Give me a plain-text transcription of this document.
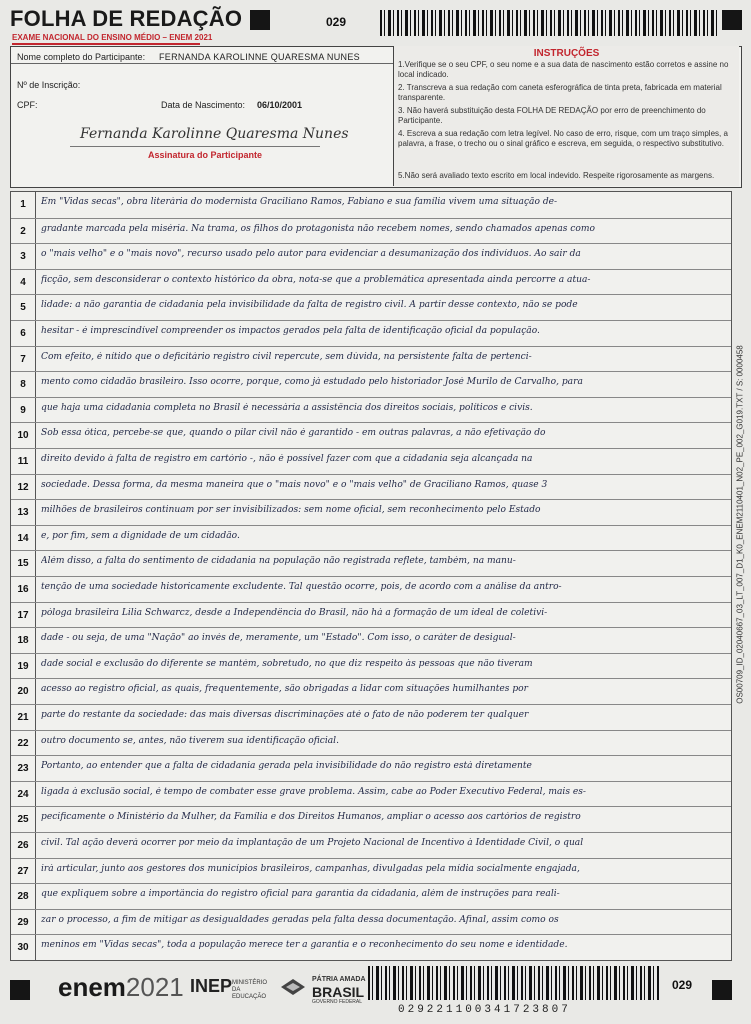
FOLHA DE REDAÇÃO
EXAME NACIONAL DO ENSINO MÉDIO – ENEM 2021
029
Nome completo do Participante: FERNANDA KAROLINNE QUARESMA NUNES
Nº de Inscrição:
CPF:	Data de Nascimento: 06/10/2001
Fernanda Karolinne Quaresma Nunes
Assinatura do Participante
INSTRUÇÕES
1.Verifique se o seu CPF, o seu nome e a sua data de nascimento estão corretos e assine no local indicado.
2. Transcreva a sua redação com caneta esferográfica de tinta preta, fabricada em material transparente.
3. Não haverá substituição desta FOLHA DE REDAÇÃO por erro de preenchimento do Participante.
4. Escreva a sua redação com letra legível. No caso de erro, risque, com um traço simples, a palavra, a frase, o trecho ou o sinal gráfico e escreva, em seguida, o respectivo substitutivo.
5.Não será avaliado texto escrito em local indevido. Respeite rigorosamente as margens.
1	Em "Vidas secas", obra literária do modernista Graciliano Ramos, Fabiano e sua família vivem uma situação de-
2	gradante marcada pela miséria. Na trama, os filhos do protagonista não recebem nomes, sendo chamados apenas como
3	o "mais velho" e o "mais novo", recurso usado pelo autor para evidenciar a desumanização dos indivíduos. Ao sair da
4	ficção, sem desconsiderar o contexto histórico da obra, nota-se que a problemática apresentada ainda percorre a atua-
5	lidade: a não garantia de cidadania pela invisibilidade da falta de registro civil. A partir desse contexto, não se pode
6	hesitar - é imprescindível compreender os impactos gerados pela falta de identificação oficial da população.
7	Com efeito, é nítido que o deficitário registro civil repercute, sem dúvida, na persistente falta de pertenci-
8	mento como cidadão brasileiro. Isso ocorre, porque, como já estudado pelo historiador José Murilo de Carvalho, para
9	que haja uma cidadania completa no Brasil é necessária a assistência dos direitos sociais, políticos e civis.
10	Sob essa ótica, percebe-se que, quando o pilar civil não é garantido - em outras palavras, a não efetivação do
11	direito devido à falta de registro em cartório -, não é possível fazer com que a cidadania seja alcançada na
12	sociedade. Dessa forma, da mesma maneira que o "mais novo" e o "mais velho" de Graciliano Ramos, quase 3
13	milhões de brasileiros continuam por ser invisibilizados: sem nome oficial, sem reconhecimento pelo Estado
14	e, por fim, sem a dignidade de um cidadão.
15	Além disso, a falta do sentimento de cidadania na população não registrada reflete, também, na manu-
16	tenção de uma sociedade historicamente excludente. Tal questão ocorre, pois, de acordo com a análise da antro-
17	póloga brasileira Lilia Schwarcz, desde a Independência do Brasil, não há a formação de um ideal de coletivi-
18	dade - ou seja, de uma "Nação" ao invés de, meramente, um "Estado". Com isso, o caráter de desigual-
19	dade social e exclusão do diferente se mantém, sobretudo, no que diz respeito às pessoas que não tiveram
20	acesso ao registro oficial, as quais, frequentemente, são obrigadas a lidar com situações humilhantes por
21	parte do restante da sociedade: das mais diversas discriminações até o fato de não poderem ter qualquer
22	outro documento se, antes, não tiverem sua identificação oficial.
23	Portanto, ao entender que a falta de cidadania gerada pela invisibilidade do não registro está diretamente
24	ligada à exclusão social, é tempo de combater esse grave problema. Assim, cabe ao Poder Executivo Federal, mais es-
25	pecificamente o Ministério da Mulher, da Família e dos Direitos Humanos, ampliar o acesso aos cartórios de registro
26	civil. Tal ação deverá ocorrer por meio da implantação de um Projeto Nacional de Incentivo à Identidade Civil, o qual
27	irá articular, junto aos gestores dos municípios brasileiros, campanhas, divulgadas pela mídia socialmente engajada,
28	que expliquem sobre a importância do registro oficial para garantia da cidadania, além de instruções para reali-
29	zar o processo, a fim de mitigar as desigualdades geradas pela falta dessa documentação. Afinal, assim como os
30	meninos em "Vidas secas", toda a população merece ter a garantia e o reconhecimento do seu nome e identidade.
OS00709_ID_02040667_03_LT_007_D1_K0_ENEM2110401_N02_PE_002_G019.TXT / S: 0000458
enem2021 INEP MINISTÉRIO DA EDUCAÇÃO
PÁTRIA AMADA
BRASIL
GOVERNO FEDERAL
029221100341723807
029
